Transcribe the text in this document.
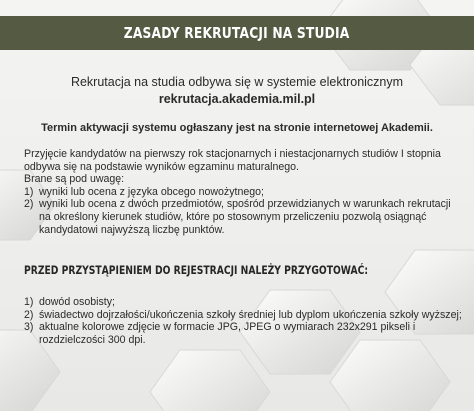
ZASADY REKRUTACJI NA STUDIA
Rekrutacja na studia odbywa się w systemie elektronicznym
rekrutacja.akademia.mil.pl
Termin aktywacji systemu ogłaszany jest na stronie internetowej Akademii.

Przyjęcie kandydatów na pierwszy rok stacjonarnych i niestacjonarnych studiów I stopnia odbywa się na podstawie wyników egzaminu maturalnego.

Brane są pod uwagę:

1) wyniki lub ocena z języka obcego nowożytnego;
2) wyniki lub ocena z dwóch przedmiotów, spośród przewidzianych w warunkach rekrutacji na określony kierunek studiów, które po stosownym przeliczeniu pozwolą osiągnąć kandydatowi najwyższą liczbę punktów.
PRZED PRZYSTĄPIENIEM DO REJESTRACJI NALEŻY PRZYGOTOWAĆ:
1) dowód osobisty;
2) świadectwo dojrzałości/ukończenia szkoły średniej lub dyplom ukończenia szkoły wyższej;
3) aktualne kolorowe zdjęcie w formacie JPG, JPEG o wymiarach 232x291 pikseli i rozdzielczości 300 dpi.
